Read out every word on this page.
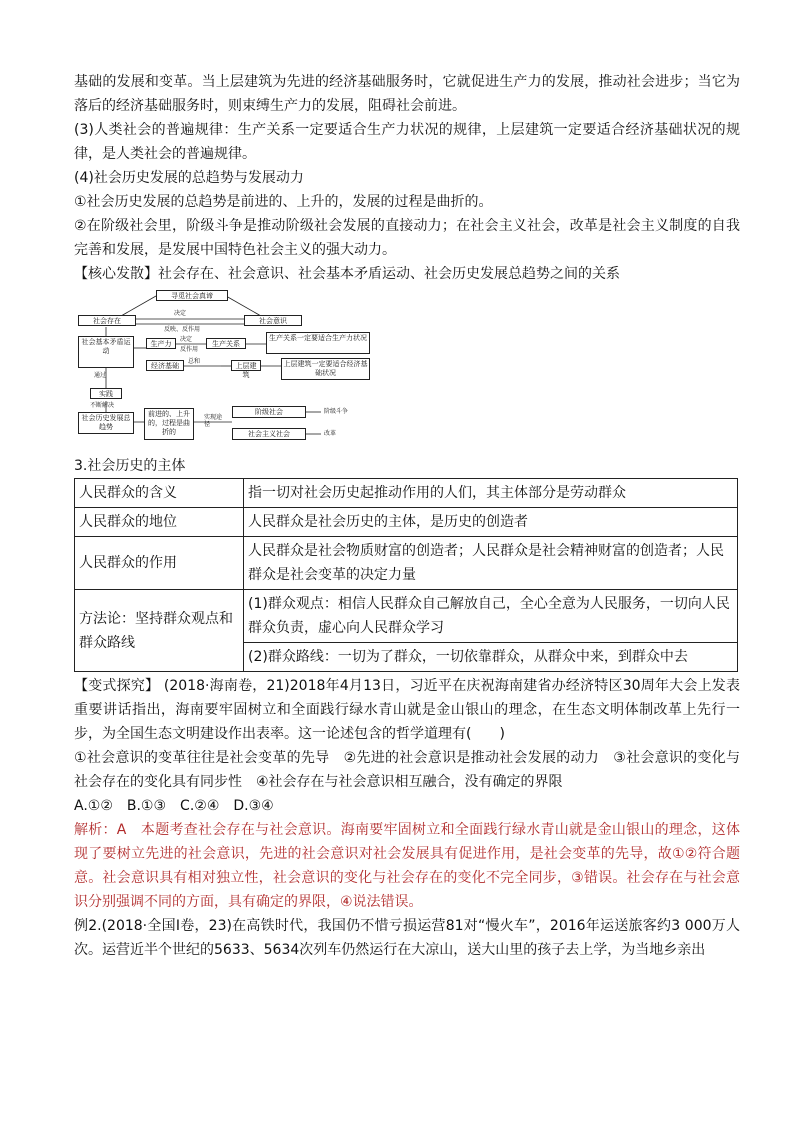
基础的发展和变革。当上层建筑为先进的经济基础服务时，它就促进生产力的发展，推动社会进步；当它为落后的经济基础服务时，则束缚生产力的发展，阻碍社会前进。

(3)人类社会的普遍规律：生产关系一定要适合生产力状况的规律，上层建筑一定要适合经济基础状况的规律，是人类社会的普遍规律。

(4)社会历史发展的总趋势与发展动力

①社会历史发展的总趋势是前进的、上升的，发展的过程是曲折的。

②在阶级社会里，阶级斗争是推动阶级社会发展的直接动力；在社会主义社会，改革是社会主义制度的自我完善和发展，是发展中国特色社会主义的强大动力。

【核心发散】社会存在、社会意识、社会基本矛盾运动、社会历史发展总趋势之间的关系

寻觅社会真谛
社会存在	社会意识
决定
反映、反作用
社会基本矛盾运动
生产力	生产关系
经济基础	上层建筑
生产关系一定要适合生产力状况
上层建筑一定要适合经济基础状况
决定
反作用
总和
通过
实践
不断解决
社会历史发展总趋势
前进的、上升的，过程是曲折的
实现途径
阶级社会	阶级斗争
社会主义社会	改革

3.社会历史的主体

人民群众的含义	指一切对社会历史起推动作用的人们，其主体部分是劳动群众
人民群众的地位	人民群众是社会历史的主体，是历史的创造者
人民群众的作用	人民群众是社会物质财富的创造者；人民群众是社会精神财富的创造者；人民群众是社会变革的决定力量
方法论：坚持群众观点和群众路线	(1)群众观点：相信人民群众自己解放自己，全心全意为人民服务，一切向人民群众负责，虚心向人民群众学习
	(2)群众路线：一切为了群众，一切依靠群众，从群众中来，到群众中去

【变式探究】 (2018·海南卷，21)2018年4月13日，习近平在庆祝海南建省办经济特区30周年大会上发表重要讲话指出，海南要牢固树立和全面践行绿水青山就是金山银山的理念，在生态文明体制改革上先行一步，为全国生态文明建设作出表率。这一论述包含的哲学道理有(　　)

①社会意识的变革往往是社会变革的先导　②先进的社会意识是推动社会发展的动力　③社会意识的变化与社会存在的变化具有同步性　④社会存在与社会意识相互融合，没有确定的界限

A.①②　B.①③　C.②④　D.③④

解析：A　本题考查社会存在与社会意识。海南要牢固树立和全面践行绿水青山就是金山银山的理念，这体现了要树立先进的社会意识，先进的社会意识对社会发展具有促进作用，是社会变革的先导，故①②符合题意。社会意识具有相对独立性，社会意识的变化与社会存在的变化不完全同步，③错误。社会存在与社会意识分别强调不同的方面，具有确定的界限，④说法错误。

例2.(2018·全国Ⅰ卷，23)在高铁时代，我国仍不惜亏损运营81对“慢火车”，2016年运送旅客约3 000万人次。运营近半个世纪的5633、5634次列车仍然运行在大凉山，送大山里的孩子去上学，为当地乡亲出
